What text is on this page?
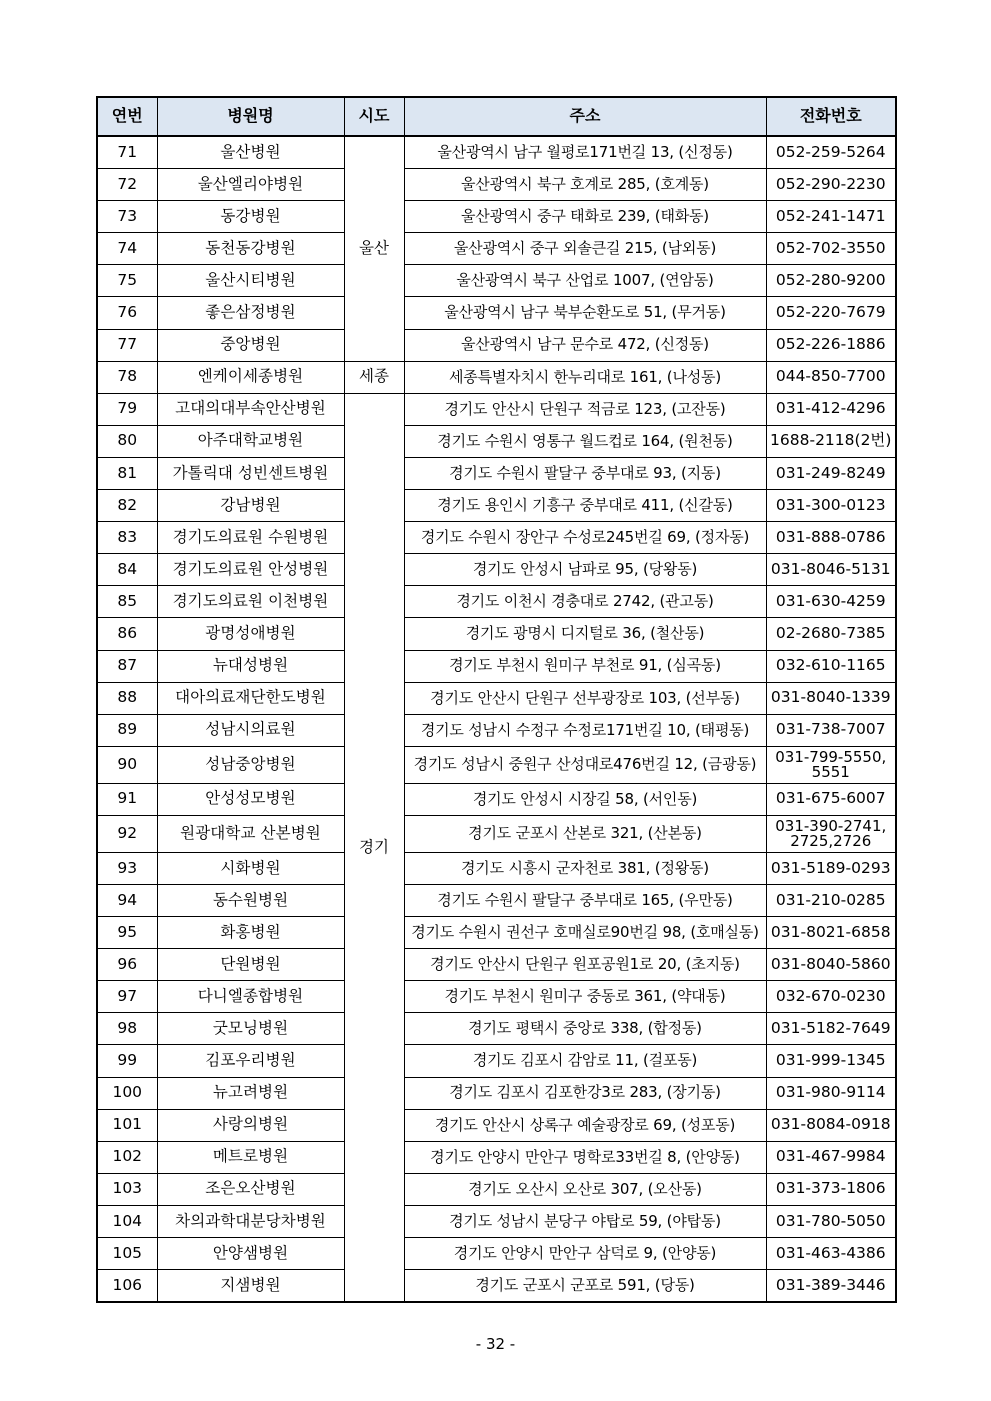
연번	병원명	시도	주소	전화번호
71	울산병원	울산	울산광역시 남구 월평로171번길 13, (신정동)	052-259-5264
72	울산엘리야병원		울산광역시 북구 호계로 285, (호계동)	052-290-2230
73	동강병원		울산광역시 중구 태화로 239, (태화동)	052-241-1471
74	동천동강병원		울산광역시 중구 외솔큰길 215, (남외동)	052-702-3550
75	울산시티병원		울산광역시 북구 산업로 1007, (연암동)	052-280-9200
76	좋은삼정병원		울산광역시 남구 북부순환도로 51, (무거동)	052-220-7679
77	중앙병원		울산광역시 남구 문수로 472, (신정동)	052-226-1886
78	엔케이세종병원	세종	세종특별자치시 한누리대로 161, (나성동)	044-850-7700
79	고대의대부속안산병원	경기	경기도 안산시 단원구 적금로 123, (고잔동)	031-412-4296
80	아주대학교병원		경기도 수원시 영통구 월드컵로 164, (원천동)	1688-2118(2번)
81	가톨릭대 성빈센트병원		경기도 수원시 팔달구 중부대로 93, (지동)	031-249-8249
82	강남병원		경기도 용인시 기흥구 중부대로 411, (신갈동)	031-300-0123
83	경기도의료원 수원병원		경기도 수원시 장안구 수성로245번길 69, (정자동)	031-888-0786
84	경기도의료원 안성병원		경기도 안성시 남파로 95, (당왕동)	031-8046-5131
85	경기도의료원 이천병원		경기도 이천시 경충대로 2742, (관고동)	031-630-4259
86	광명성애병원		경기도 광명시 디지털로 36, (철산동)	02-2680-7385
87	뉴대성병원		경기도 부천시 원미구 부천로 91, (심곡동)	032-610-1165
88	대아의료재단한도병원		경기도 안산시 단원구 선부광장로 103, (선부동)	031-8040-1339
89	성남시의료원		경기도 성남시 수정구 수정로171번길 10, (태평동)	031-738-7007
90	성남중앙병원		경기도 성남시 중원구 산성대로476번길 12, (금광동)	031-799-5550,
5551

91	안성성모병원		경기도 안성시 시장길 58, (서인동)	031-675-6007
92	원광대학교 산본병원		경기도 군포시 산본로 321, (산본동)	031-390-2741,
2725,2726

93	시화병원		경기도 시흥시 군자천로 381, (정왕동)	031-5189-0293
94	동수원병원		경기도 수원시 팔달구 중부대로 165, (우만동)	031-210-0285
95	화홍병원		경기도 수원시 권선구 호매실로90번길 98, (호매실동)	031-8021-6858
96	단원병원		경기도 안산시 단원구 원포공원1로 20, (초지동)	031-8040-5860
97	다니엘종합병원		경기도 부천시 원미구 중동로 361, (약대동)	032-670-0230
98	굿모닝병원		경기도 평택시 중앙로 338, (합정동)	031-5182-7649
99	김포우리병원		경기도 김포시 감암로 11, (걸포동)	031-999-1345
100	뉴고려병원		경기도 김포시 김포한강3로 283, (장기동)	031-980-9114
101	사랑의병원		경기도 안산시 상록구 예술광장로 69, (성포동)	031-8084-0918
102	메트로병원		경기도 안양시 만안구 명학로33번길 8, (안양동)	031-467-9984
103	조은오산병원		경기도 오산시 오산로 307, (오산동)	031-373-1806
104	차의과학대분당차병원		경기도 성남시 분당구 야탑로 59, (야탑동)	031-780-5050
105	안양샘병원		경기도 안양시 만안구 삼덕로 9, (안양동)	031-463-4386
106	지샘병원		경기도 군포시 군포로 591, (당동)	031-389-3446
- 32 -
